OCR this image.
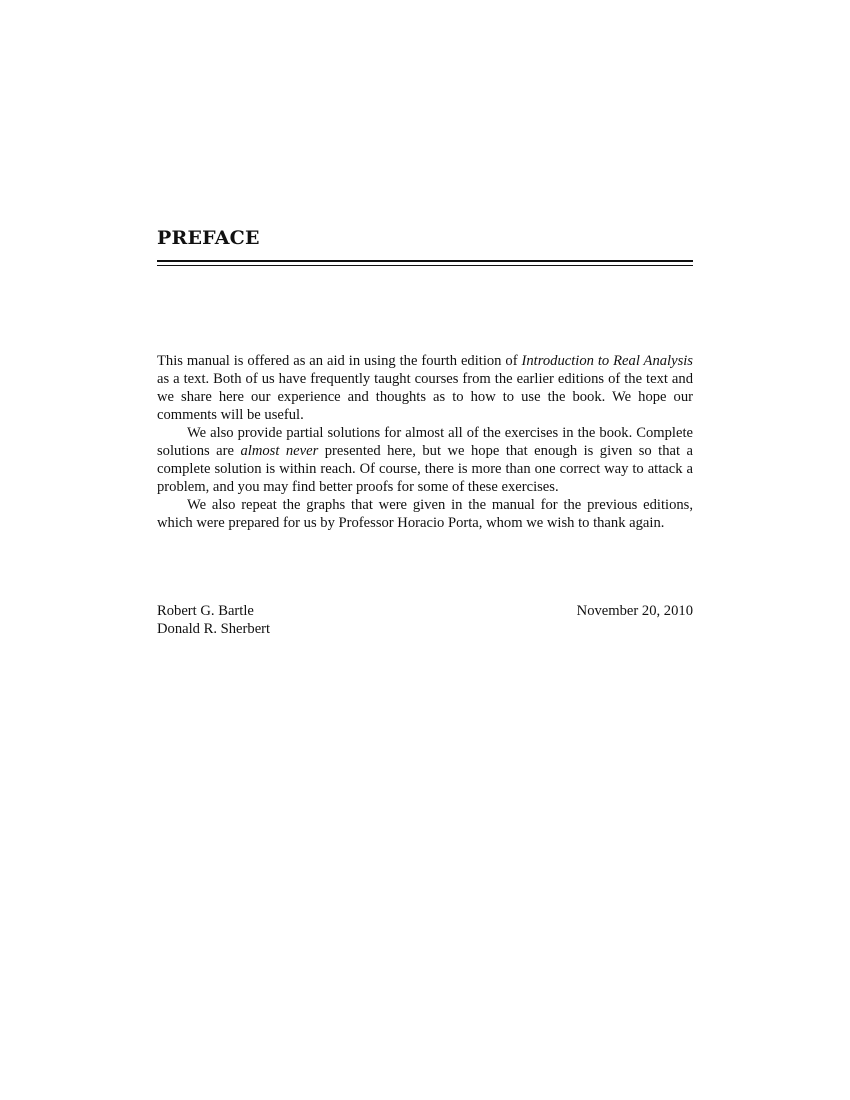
PREFACE

This manual is offered as an aid in using the fourth edition of Introduction to Real Analysis as a text. Both of us have frequently taught courses from the earlier editions of the text and we share here our experience and thoughts as to how to use the book. We hope our comments will be useful.

We also provide partial solutions for almost all of the exercises in the book. Complete solutions are almost never presented here, but we hope that enough is given so that a complete solution is within reach. Of course, there is more than one correct way to attack a problem, and you may find better proofs for some of these exercises.

We also repeat the graphs that were given in the manual for the previous editions, which were prepared for us by Professor Horacio Porta, whom we wish to thank again.

Robert G. Bartle
Donald R. Sherbert
November 20, 2010
